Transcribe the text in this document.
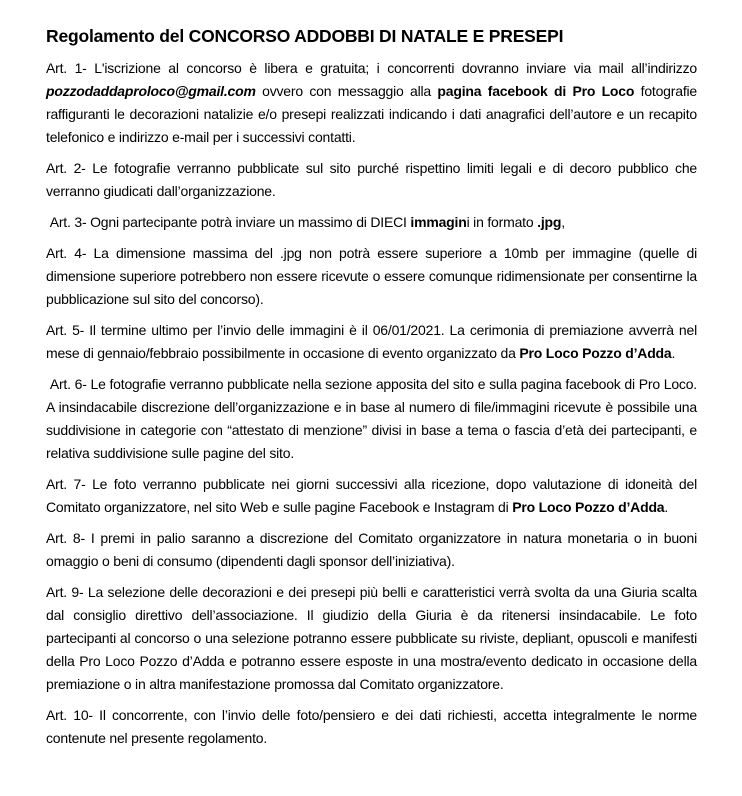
Regolamento del CONCORSO ADDOBBI DI NATALE E PRESEPI

Art. 1- L'iscrizione al concorso è libera e gratuita; i concorrenti dovranno inviare via mail all’indirizzo pozzodaddaproloco@gmail.com ovvero con messaggio alla pagina facebook di Pro Loco fotografie raffiguranti le decorazioni natalizie e/o presepi realizzati indicando i dati anagrafici dell’autore e un recapito telefonico e indirizzo e-mail per i successivi contatti.

Art. 2- Le fotografie verranno pubblicate sul sito purché rispettino limiti legali e di decoro pubblico che verranno giudicati dall’organizzazione.

Art. 3- Ogni partecipante potrà inviare un massimo di DIECI immagini in formato .jpg,

Art. 4- La dimensione massima del .jpg non potrà essere superiore a 10mb per immagine (quelle di dimensione superiore potrebbero non essere ricevute o essere comunque ridimensionate per consentirne la pubblicazione sul sito del concorso).

Art. 5- Il termine ultimo per l’invio delle immagini è il 06/01/2021. La cerimonia di premiazione avverrà nel mese di gennaio/febbraio possibilmente in occasione di evento organizzato da Pro Loco Pozzo d’Adda.

Art. 6- Le fotografie verranno pubblicate nella sezione apposita del sito e sulla pagina facebook di Pro Loco. A insindacabile discrezione dell’organizzazione e in base al numero di file/immagini ricevute è possibile una suddivisione in categorie con “attestato di menzione” divisi in base a tema o fascia d’età dei partecipanti, e relativa suddivisione sulle pagine del sito.

Art. 7- Le foto verranno pubblicate nei giorni successivi alla ricezione, dopo valutazione di idoneità del Comitato organizzatore, nel sito Web e sulle pagine Facebook e Instagram di Pro Loco Pozzo d’Adda.

Art. 8- I premi in palio saranno a discrezione del Comitato organizzatore in natura monetaria o in buoni omaggio o beni di consumo (dipendenti dagli sponsor dell’iniziativa).

Art. 9- La selezione delle decorazioni e dei presepi più belli e caratteristici verrà svolta da una Giuria scalta dal consiglio direttivo dell’associazione. Il giudizio della Giuria è da ritenersi insindacabile. Le foto partecipanti al concorso o una selezione potranno essere pubblicate su riviste, depliant, opuscoli e manifesti della Pro Loco Pozzo d’Adda e potranno essere esposte in una mostra/evento dedicato in occasione della premiazione o in altra manifestazione promossa dal Comitato organizzatore.

Art. 10- Il concorrente, con l’invio delle foto/pensiero e dei dati richiesti, accetta integralmente le norme contenute nel presente regolamento.
